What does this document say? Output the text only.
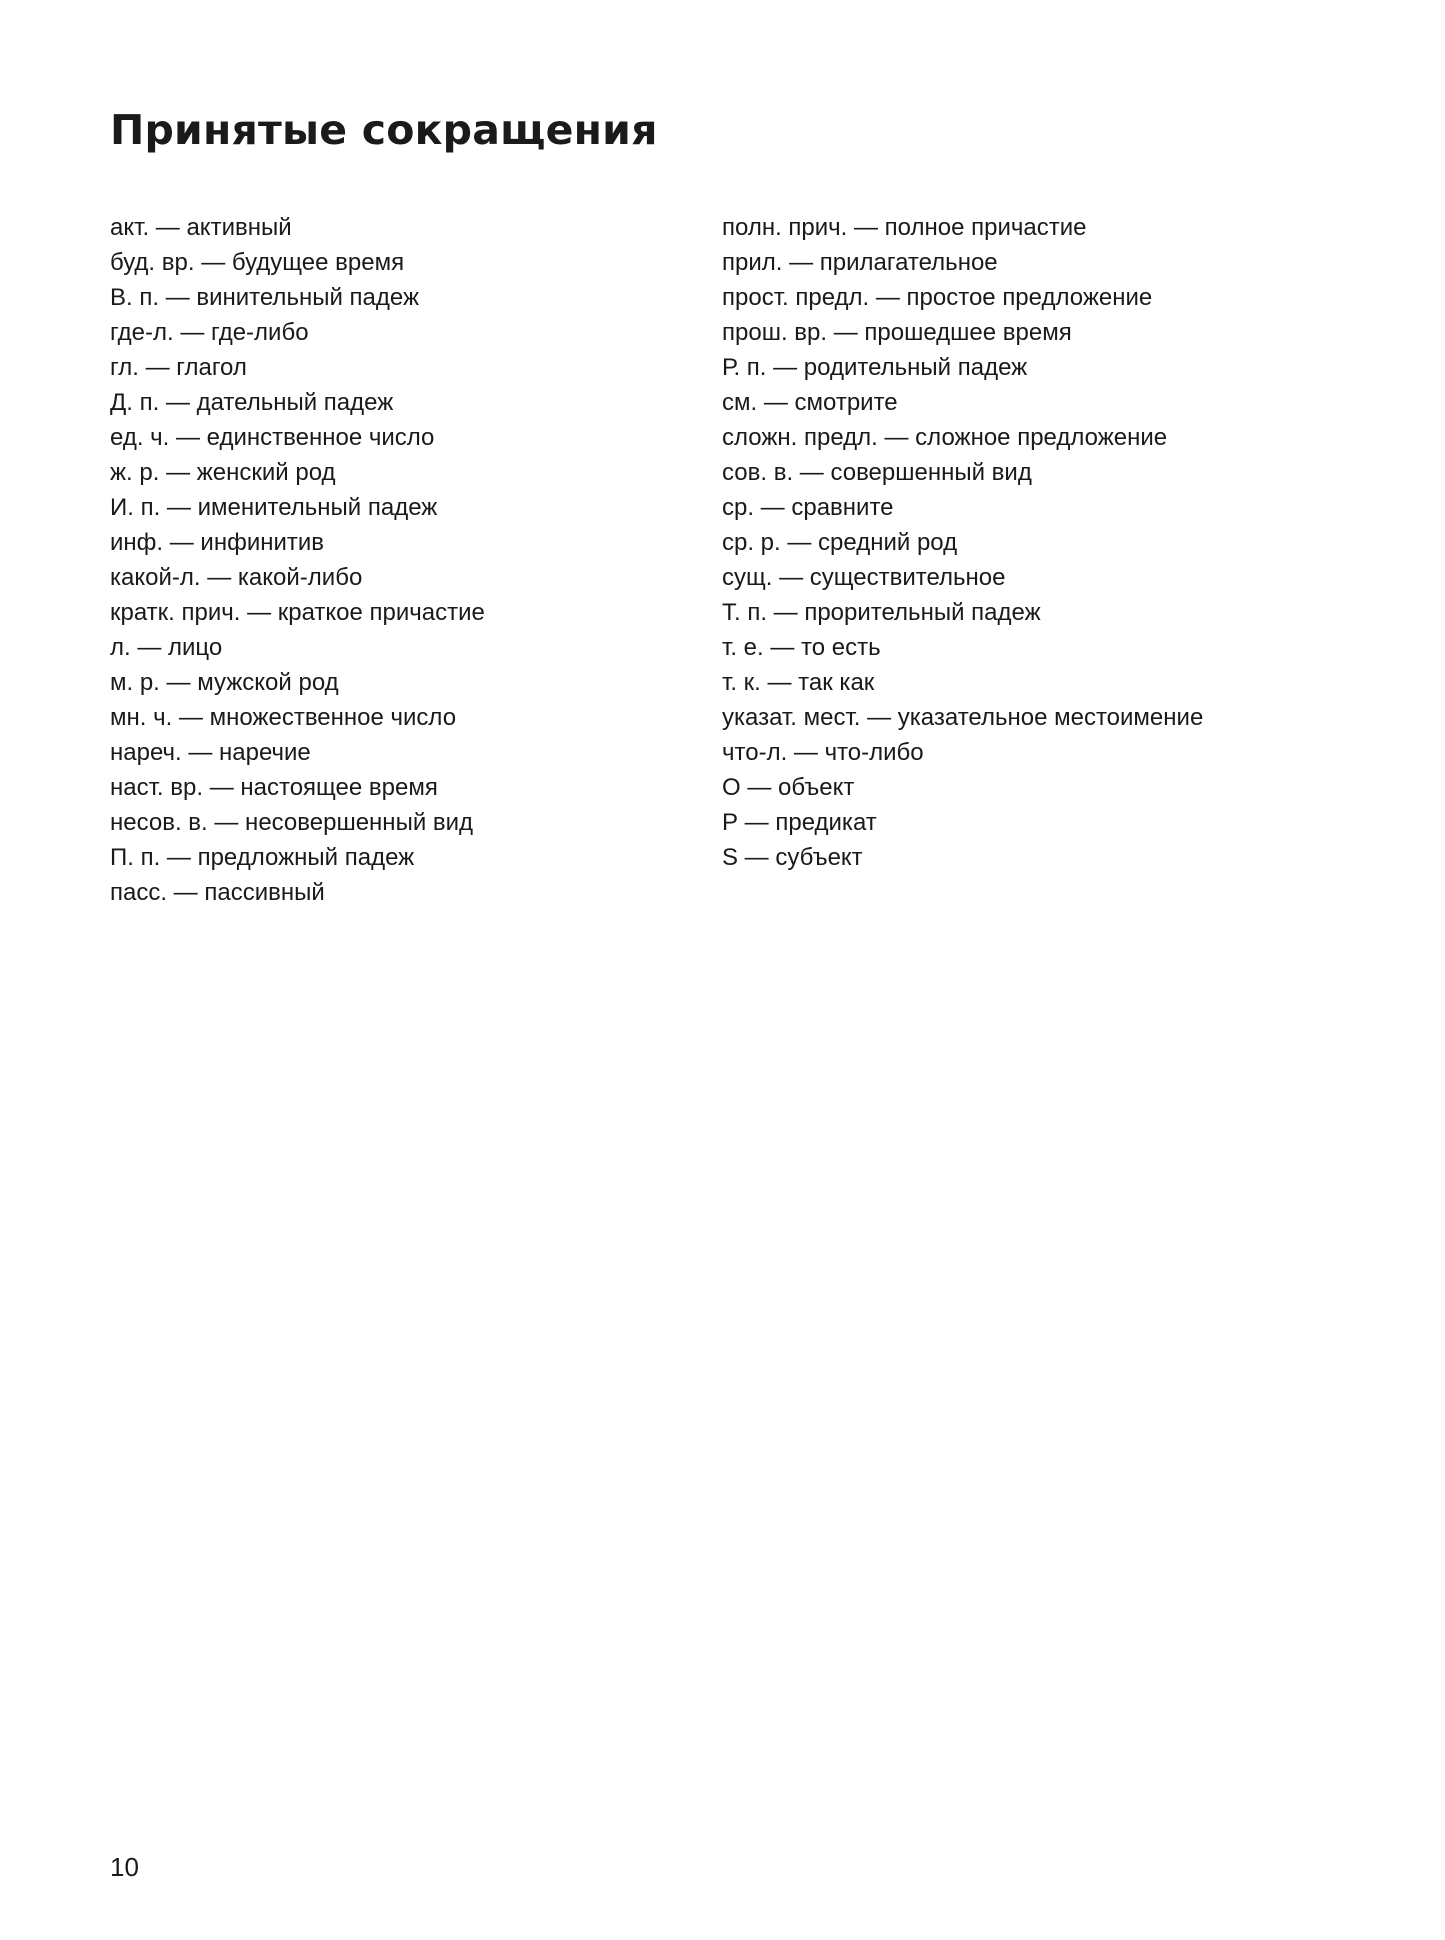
Принятые сокращения
акт. — активный
буд. вр. — будущее время
В. п. — винительный падеж
где-л. — где-либо
гл. — глагол
Д. п. — дательный падеж
ед. ч. — единственное число
ж. р. — женский род
И. п. — именительный падеж
инф. — инфинитив
какой-л. — какой-либо
кратк. прич. — краткое причастие
л. — лицо
м. р. — мужской род
мн. ч. — множественное число
нареч. — наречие
наст. вр. — настоящее время
несов. в. — несовершенный вид
П. п. — предложный падеж
пасс. — пассивный
полн. прич. — полное причастие
прил. — прилагательное
прост. предл. — простое предложение
прош. вр. — прошедшее время
Р. п. — родительный падеж
см. — смотрите
сложн. предл. — сложное предложение
сов. в. — совершенный вид
ср. — сравните
ср. р. — средний род
сущ. — существительное
Т. п. — прорительный падеж
т. е. — то есть
т. к. — так как
указат. мест. — указательное местоимение
что-л. — что-либо
О — объект
Р — предикат
S — субъект
10
